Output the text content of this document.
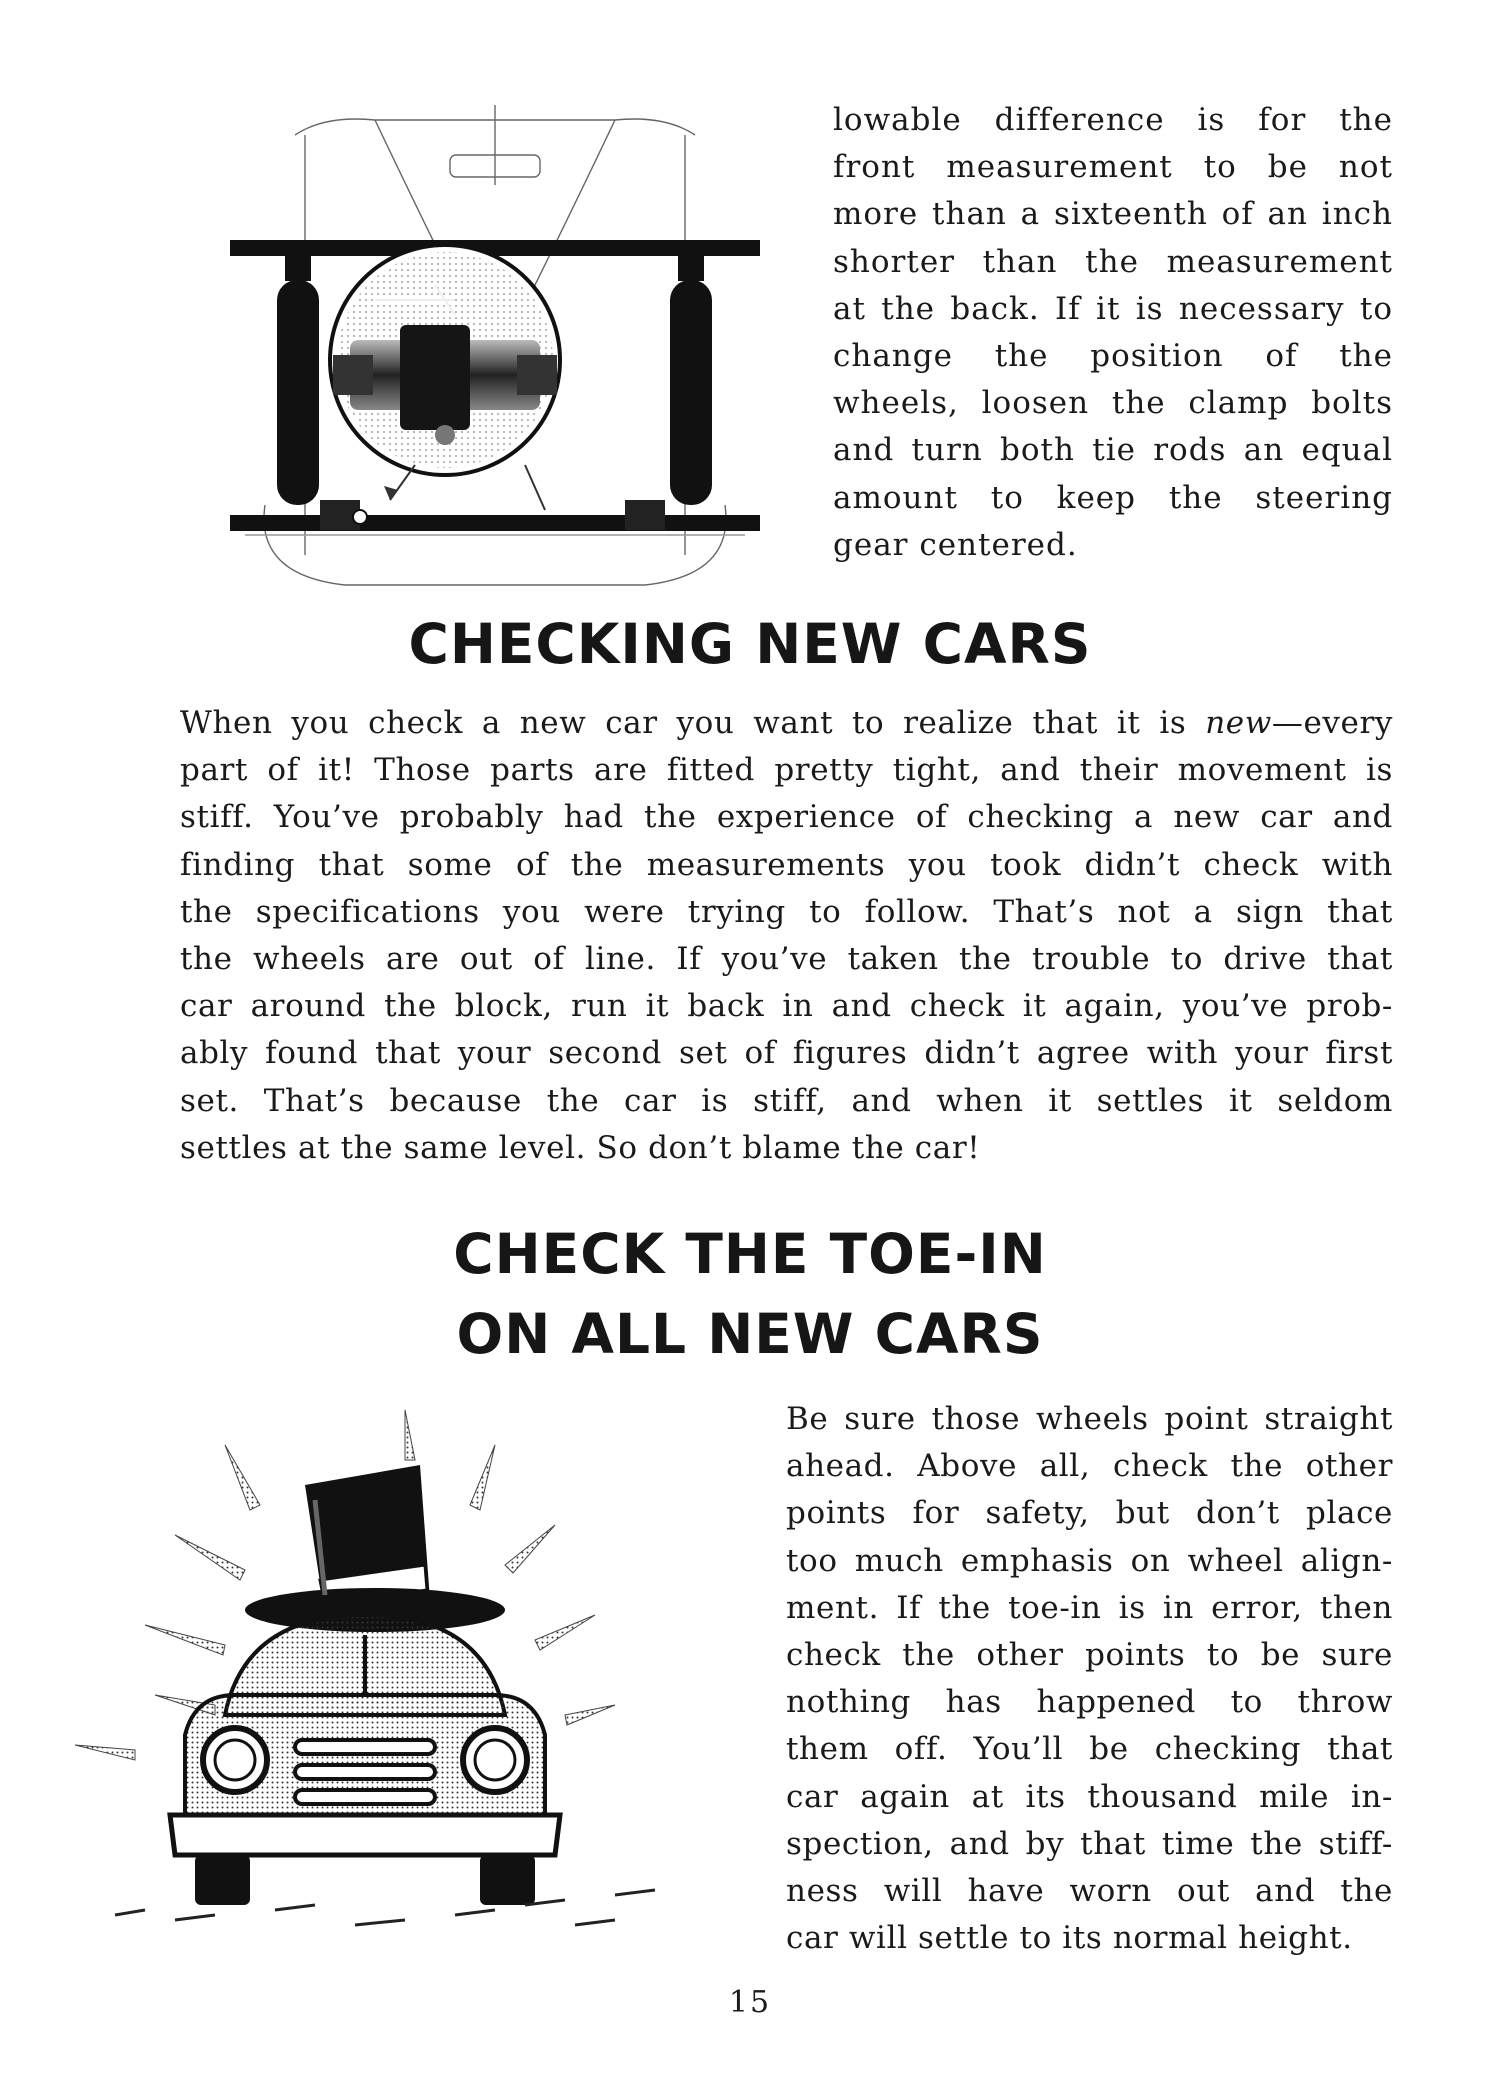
lowable difference is for the
front measurement to be not
more than a sixteenth of an inch
shorter than the measurement
at the back. If it is necessary to
change the position of the
wheels, loosen the clamp bolts
and turn both tie rods an equal
amount to keep the steering
gear centered.
CHECKING NEW CARS
When you check a new car you want to realize that it is new—every
part of it! Those parts are fitted pretty tight, and their movement is
stiff. You’ve probably had the experience of checking a new car and
finding that some of the measurements you took didn’t check with
the specifications you were trying to follow. That’s not a sign that
the wheels are out of line. If you’ve taken the trouble to drive that
car around the block, run it back in and check it again, you’ve prob-
ably found that your second set of figures didn’t agree with your first
set. That’s because the car is stiff, and when it settles it seldom
settles at the same level. So don’t blame the car!
CHECK THE TOE-IN
ON ALL NEW CARS
Be sure those wheels point straight
ahead. Above all, check the other
points for safety, but don’t place
too much emphasis on wheel align-
ment. If the toe-in is in error, then
check the other points to be sure
nothing has happened to throw
them off. You’ll be checking that
car again at its thousand mile in-
spection, and by that time the stiff-
ness will have worn out and the
car will settle to its normal height.
15
